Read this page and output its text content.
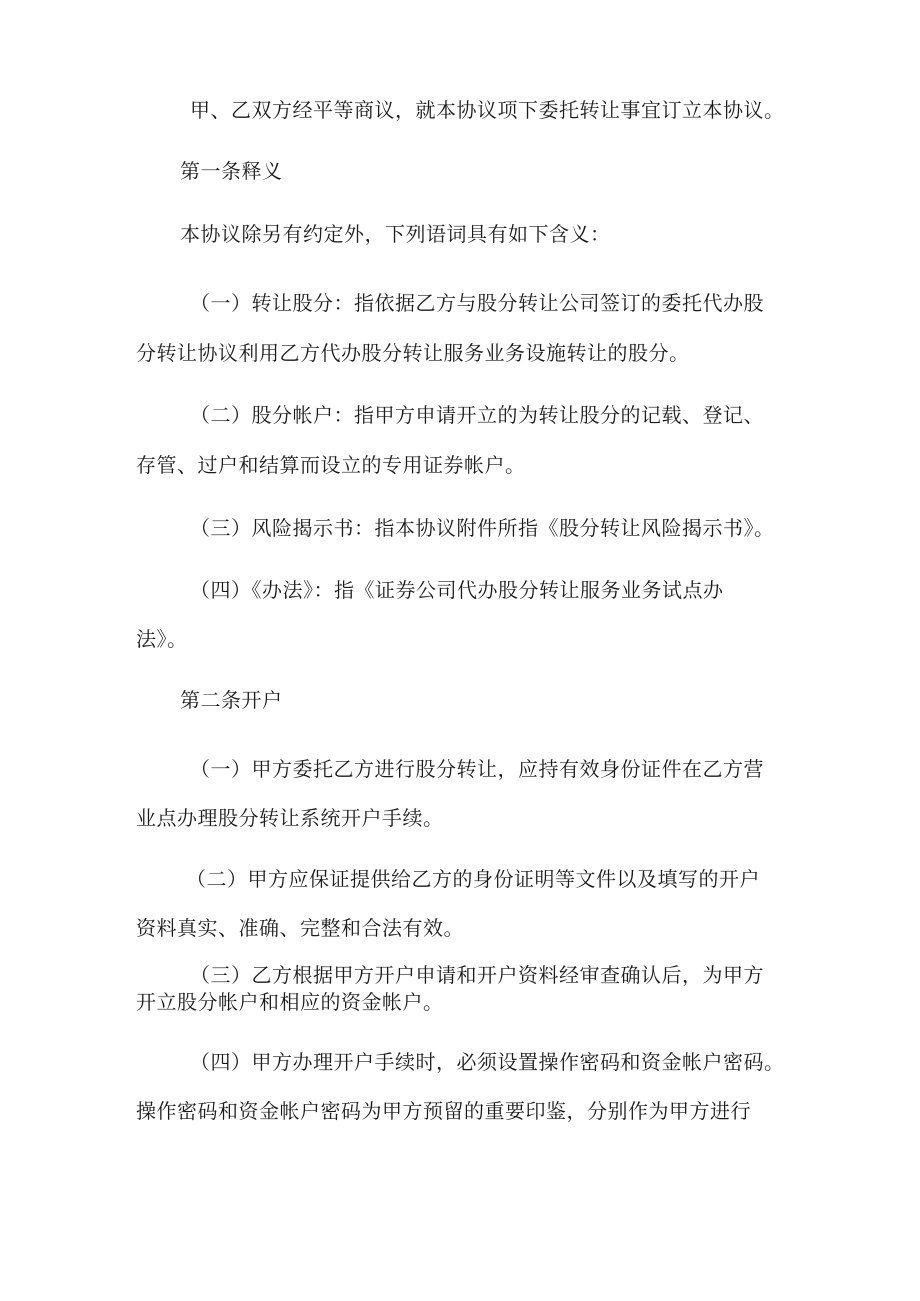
甲、乙双方经平等商议，就本协议项下委托转让事宜订立本协议。
第一条释义
本协议除另有约定外，下列语词具有如下含义：
（一）转让股分：指依据乙方与股分转让公司签订的委托代办股
分转让协议利用乙方代办股分转让服务业务设施转让的股分。
（二）股分帐户：指甲方申请开立的为转让股分的记载、登记、
存管、过户和结算而设立的专用证券帐户。
（三）风险揭示书：指本协议附件所指《股分转让风险揭示书》。
（四）《办法》：指《证券公司代办股分转让服务业务试点办
法》。
第二条开户
（一）甲方委托乙方进行股分转让，应持有效身份证件在乙方营
业点办理股分转让系统开户手续。
（二）甲方应保证提供给乙方的身份证明等文件以及填写的开户
资料真实、准确、完整和合法有效。
（三）乙方根据甲方开户申请和开户资料经审查确认后，为甲方
开立股分帐户和相应的资金帐户。
（四）甲方办理开户手续时，必须设置操作密码和资金帐户密码。
操作密码和资金帐户密码为甲方预留的重要印鉴，分别作为甲方进行
